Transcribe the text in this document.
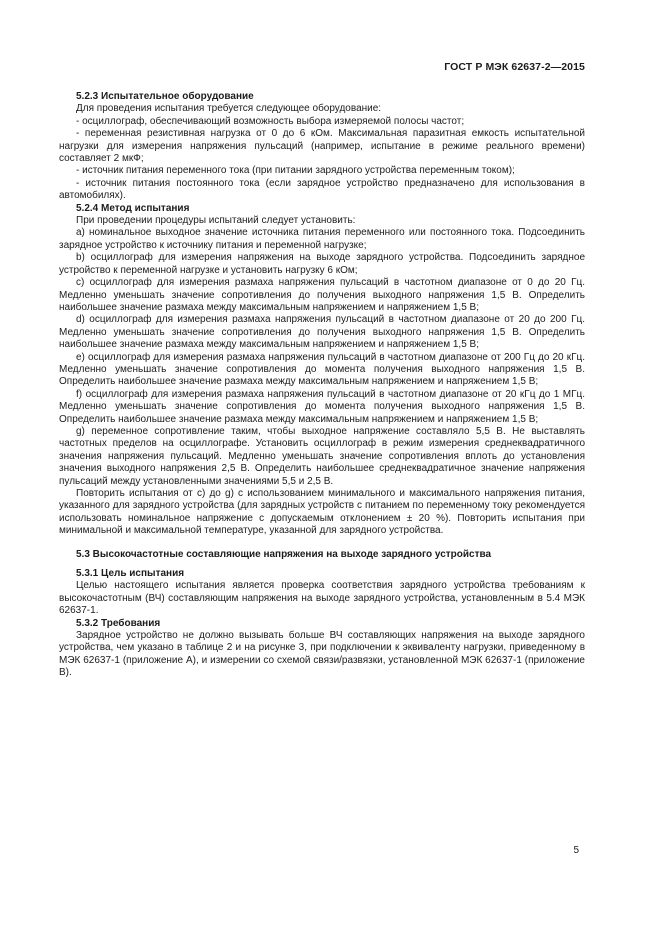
ГОСТ Р МЭК 62637-2—2015
5.2.3 Испытательное оборудование
Для проведения испытания требуется следующее оборудование:
- осциллограф, обеспечивающий возможность выбора измеряемой полосы частот;
- переменная резистивная нагрузка от 0 до 6 кОм. Максимальная паразитная емкость испытательной нагрузки для измерения напряжения пульсаций (например, испытание в режиме реального времени) составляет 2 мкФ;
- источник питания переменного тока (при питании зарядного устройства переменным током);
- источник питания постоянного тока (если зарядное устройство предназначено для использования в автомобилях).
5.2.4 Метод испытания
При проведении процедуры испытаний следует установить:
a) номинальное выходное значение источника питания переменного или постоянного тока. Подсоединить зарядное устройство к источнику питания и переменной нагрузке;
b) осциллограф для измерения напряжения на выходе зарядного устройства. Подсоединить зарядное устройство к переменной нагрузке и установить нагрузку 6 кОм;
c) осциллограф для измерения размаха напряжения пульсаций в частотном диапазоне от 0 до 20 Гц. Медленно уменьшать значение сопротивления до получения выходного напряжения 1,5 В. Определить наибольшее значение размаха между максимальным напряжением и напряжением 1,5 В;
d) осциллограф для измерения размаха напряжения пульсаций в частотном диапазоне от 20 до 200 Гц. Медленно уменьшать значение сопротивления до получения выходного напряжения 1,5 В. Определить наибольшее значение размаха между максимальным напряжением и напряжением 1,5 В;
e) осциллограф для измерения размаха напряжения пульсаций в частотном диапазоне от 200 Гц до 20 кГц. Медленно уменьшать значение сопротивления до момента получения выходного напряжения 1,5 В. Определить наибольшее значение размаха между максимальным напряжением и напряжением 1,5 В;
f) осциллограф для измерения размаха напряжения пульсаций в частотном диапазоне от 20 кГц до 1 МГц. Медленно уменьшать значение сопротивления до момента получения выходного напряжения 1,5 В. Определить наибольшее значение размаха между максимальным напряжением и напряжением 1,5 В;
g) переменное сопротивление таким, чтобы выходное напряжение составляло 5,5 В. Не выставлять частотных пределов на осциллографе. Установить осциллограф в режим измерения среднеквадратичного значения напряжения пульсаций. Медленно уменьшать значение сопротивления вплоть до установления значения выходного напряжения 2,5 В. Определить наибольшее среднеквадратичное значение напряжения пульсаций между установленными значениями 5,5 и 2,5 В.
Повторить испытания от c) до g) с использованием минимального и максимального напряжения питания, указанного для зарядного устройства (для зарядных устройств с питанием по переменному току рекомендуется использовать номинальное напряжение с допускаемым отклонением ± 20 %). Повторить испытания при минимальной и максимальной температуре, указанной для зарядного устройства.
5.3 Высокочастотные составляющие напряжения на выходе зарядного устройства
5.3.1 Цель испытания
Целью настоящего испытания является проверка соответствия зарядного устройства требованиям к высокочастотным (ВЧ) составляющим напряжения на выходе зарядного устройства, установленным в 5.4 МЭК 62637-1.
5.3.2 Требования
Зарядное устройство не должно вызывать больше ВЧ составляющих напряжения на выходе зарядного устройства, чем указано в таблице 2 и на рисунке 3, при подключении к эквиваленту нагрузки, приведенному в МЭК 62637-1 (приложение А), и измерении со схемой связи/развязки, установленной МЭК 62637-1 (приложение В).
5
